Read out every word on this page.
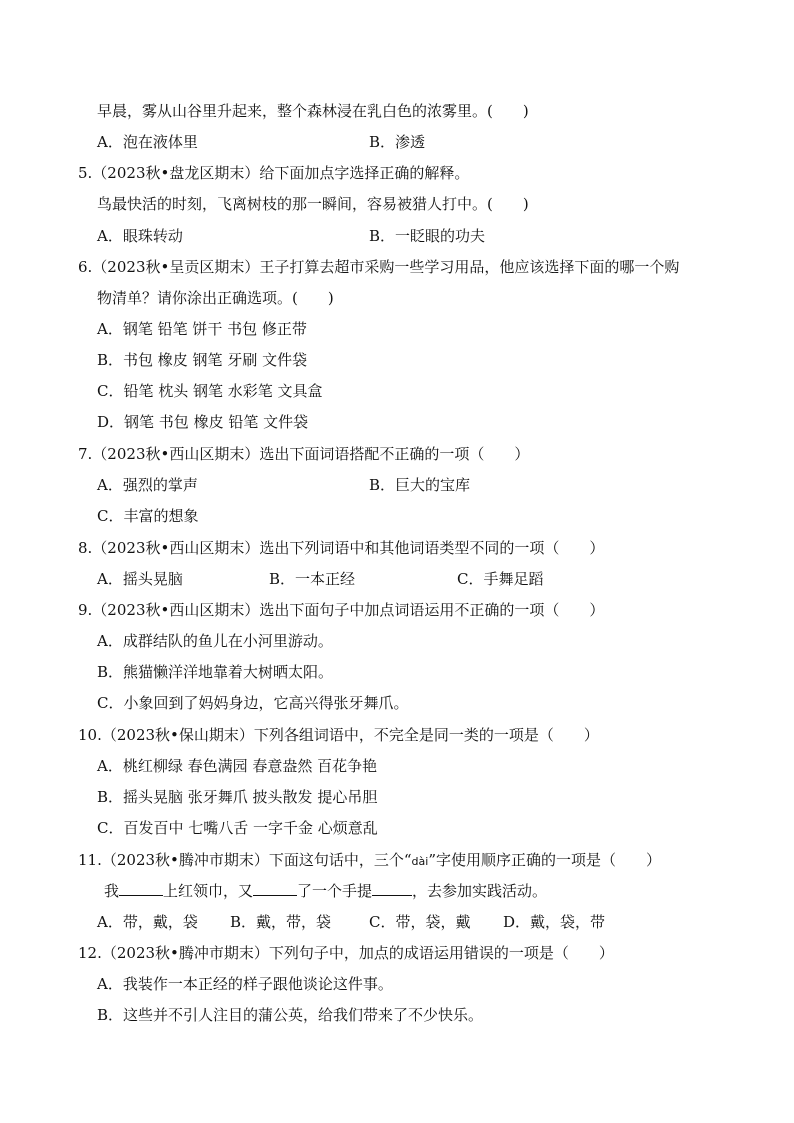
早晨，雾从山谷里升起来，整个森林浸在乳白色的浓雾里。(　　)
A．泡在液体里	B．渗透
5.（2023秋•盘龙区期末）给下面加点字选择正确的解释。
鸟最快活的时刻，飞离树枝的那一瞬间，容易被猎人打中。(　　)
A．眼珠转动	B．一眨眼的功夫
6.（2023秋•呈贡区期末）王子打算去超市采购一些学习用品，他应该选择下面的哪一个购
物清单？请你涂出正确选项。(　　)
A．钢笔 铅笔 饼干 书包 修正带
B．书包 橡皮 钢笔 牙刷 文件袋
C．铅笔 枕头 钢笔 水彩笔 文具盒
D．钢笔 书包 橡皮 铅笔 文件袋
7.（2023秋•西山区期末）选出下面词语搭配不正确的一项（　　）
A．强烈的掌声	B．巨大的宝库
C．丰富的想象
8.（2023秋•西山区期末）选出下列词语中和其他词语类型不同的一项（　　）
A．摇头晃脑	B．一本正经	C．手舞足蹈
9.（2023秋•西山区期末）选出下面句子中加点词语运用不正确的一项（　　）
A．成群结队的鱼儿在小河里游动。
B．熊猫懒洋洋地靠着大树晒太阳。
C．小象回到了妈妈身边，它高兴得张牙舞爪。
10.（2023秋•保山期末）下列各组词语中，不完全是同一类的一项是（　　）
A．桃红柳绿 春色满园 春意盎然 百花争艳
B．摇头晃脑 张牙舞爪 披头散发 提心吊胆
C．百发百中 七嘴八舌 一字千金 心烦意乱
11.（2023秋•腾冲市期末）下面这句话中，三个“dài”字使用顺序正确的一项是（　　）
我	上红领巾，又	了一个手提	，去参加实践活动。
A．带，戴，袋 B．戴，带，袋	C．带，袋，戴 D．戴，袋，带
12.（2023秋•腾冲市期末）下列句子中，加点的成语运用错误的一项是（　　）
A．我装作一本正经的样子跟他谈论这件事。
B．这些并不引人注目的蒲公英，给我们带来了不少快乐。
